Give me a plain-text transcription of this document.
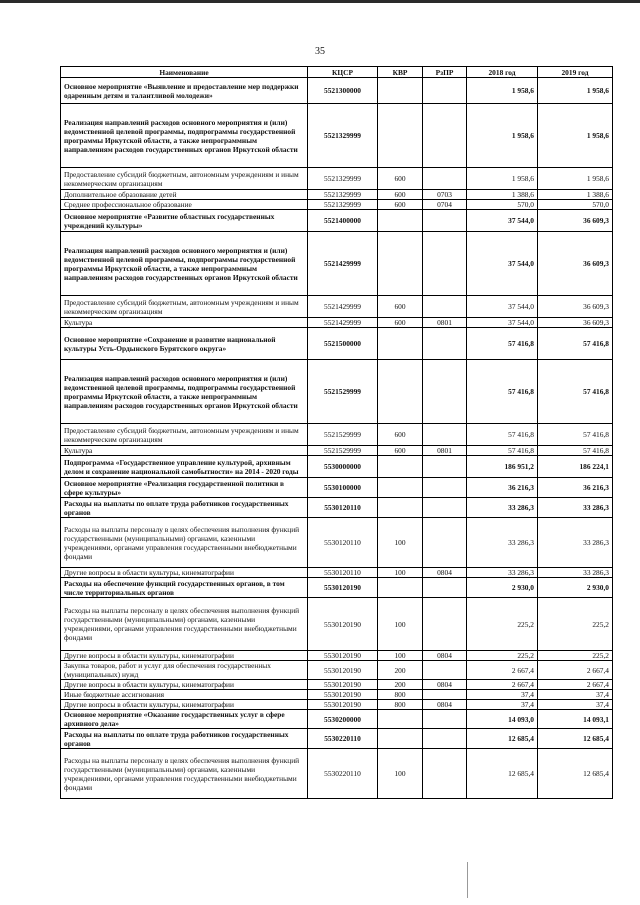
35
Наименование	КЦСР	КВР	РзПР	2018 год	2019 год
Основное мероприятие «Выявление и предоставление мер поддержки одаренным детям и талантливой молодежи»	5521300000			1 958,6	1 958,6
Реализация направлений расходов основного мероприятия и (или) ведомственной целевой программы, подпрограммы государственной программы Иркутской области, а также непрограммным направлениям расходов государственных органов Иркутской области	5521329999			1 958,6	1 958,6
Предоставление субсидий бюджетным, автономным учреждениям и иным некоммерческим организациям	5521329999	600		1 958,6	1 958,6
Дополнительное образование детей	5521329999	600	0703	1 388,6	1 388,6
Среднее профессиональное образование	5521329999	600	0704	570,0	570,0
Основное мероприятие «Развитие областных государственных учреждений культуры»	5521400000			37 544,0	36 609,3
Реализация направлений расходов основного мероприятия и (или) ведомственной целевой программы, подпрограммы государственной программы Иркутской области, а также непрограммным направлениям расходов государственных органов Иркутской области	5521429999			37 544,0	36 609,3
Предоставление субсидий бюджетным, автономным учреждениям и иным некоммерческим организациям	5521429999	600		37 544,0	36 609,3
Культура	5521429999	600	0801	37 544,0	36 609,3
Основное мероприятие «Сохранение и развитие национальной культуры Усть-Ордынского Бурятского округа»	5521500000			57 416,8	57 416,8
Реализация направлений расходов основного мероприятия и (или) ведомственной целевой программы, подпрограммы государственной программы Иркутской области, а также непрограммным направлениям расходов государственных органов Иркутской области	5521529999			57 416,8	57 416,8
Предоставление субсидий бюджетным, автономным учреждениям и иным некоммерческим организациям	5521529999	600		57 416,8	57 416,8
Культура	5521529999	600	0801	57 416,8	57 416,8
Подпрограмма «Государственное управление культурой, архивным делом и сохранение национальной самобытности» на 2014 - 2020 годы	5530000000			186 951,2	186 224,1
Основное мероприятие «Реализация государственной политики в сфере культуры»	5530100000			36 216,3	36 216,3
Расходы на выплаты по оплате труда работников государственных органов	5530120110			33 286,3	33 286,3
Расходы на выплаты персоналу в целях обеспечения выполнения функций государственными (муниципальными) органами, казенными учреждениями, органами управления государственными внебюджетными фондами	5530120110	100		33 286,3	33 286,3
Другие вопросы в области культуры, кинематографии	5530120110	100	0804	33 286,3	33 286,3
Расходы на обеспечение функций государственных органов, в том числе территориальных органов	5530120190			2 930,0	2 930,0
Расходы на выплаты персоналу в целях обеспечения выполнения функций государственными (муниципальными) органами, казенными учреждениями, органами управления государственными внебюджетными фондами	5530120190	100		225,2	225,2
Другие вопросы в области культуры, кинематографии	5530120190	100	0804	225,2	225,2
Закупка товаров, работ и услуг для обеспечения государственных (муниципальных) нужд	5530120190	200		2 667,4	2 667,4
Другие вопросы в области культуры, кинематографии	5530120190	200	0804	2 667,4	2 667,4
Иные бюджетные ассигнования	5530120190	800		37,4	37,4
Другие вопросы в области культуры, кинематографии	5530120190	800	0804	37,4	37,4
Основное мероприятие «Оказание государственных услуг в сфере архивного дела»	5530200000			14 093,0	14 093,1
Расходы на выплаты по оплате труда работников государственных органов	5530220110			12 685,4	12 685,4
Расходы на выплаты персоналу в целях обеспечения выполнения функций государственными (муниципальными) органами, казенными учреждениями, органами управления государственными внебюджетными фондами	5530220110	100		12 685,4	12 685,4
